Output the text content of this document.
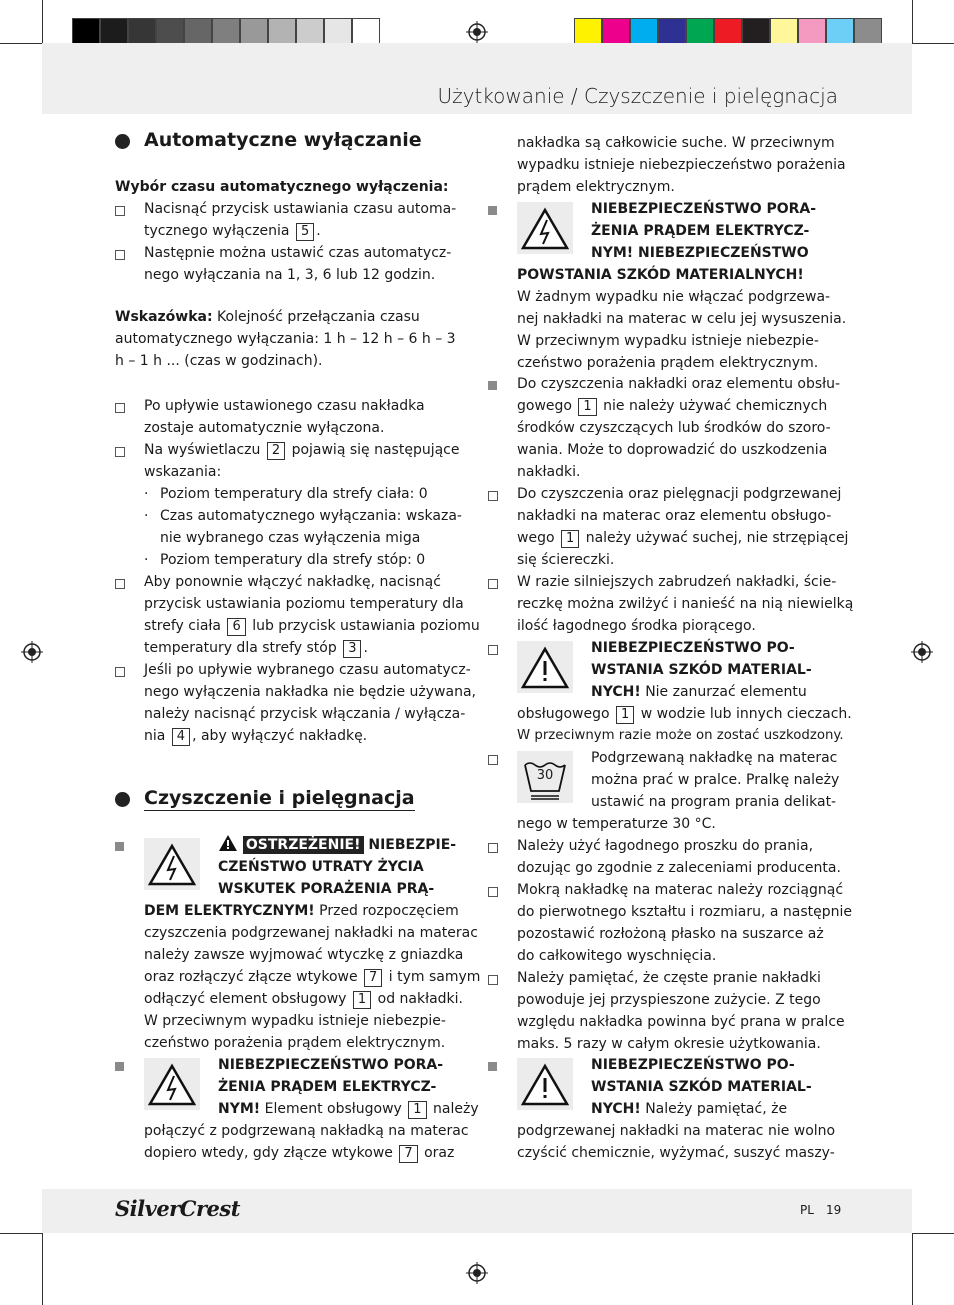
Użytkowanie / Czyszczenie i pielęgnacja
Automatyczne wyłączanie
Wybór czasu automatycznego wyłączenia:
Nacisnąć przycisk ustawiania czasu automa-
tycznego wyłączenia 5 .
Następnie można ustawić czas automatycz-
nego wyłączania na 1, 3, 6 lub 12 godzin.
Wskazówka: Kolejność przełączania czasu
automatycznego wyłączania: 1 h – 12 h – 6 h – 3
h – 1 h ... (czas w godzinach).
Po upływie ustawionego czasu nakładka
zostaje automatycznie wyłączona.
Na wyświetlaczu 2 pojawią się następujące
wskazania:
· Poziom temperatury dla strefy ciała: 0
· Czas automatycznego wyłączania: wskaza-
nie wybranego czas wyłączenia miga
· Poziom temperatury dla strefy stóp: 0
Aby ponownie włączyć nakładkę, nacisnąć
przycisk ustawiania poziomu temperatury dla
strefy ciała 6 lub przycisk ustawiania poziomu
temperatury dla strefy stóp 3 .
Jeśli po upływie wybranego czasu automatycz-
nego wyłączenia nakładka nie będzie używana,
należy nacisnąć przycisk włączania / wyłącza-
nia 4 , aby wyłączyć nakładkę.
Czyszczenie i pielęgnacja
OSTRZEŻENIE! NIEBEZPIE-
CZEŃSTWO UTRATY ŻYCIA
WSKUTEK PORAŻENIA PRĄ-
DEM ELEKTRYCZNYM! Przed rozpoczęciem
czyszczenia podgrzewanej nakładki na materac
należy zawsze wyjmować wtyczkę z gniazdka
oraz rozłączyć złącze wtykowe 7 i tym samym
odłączyć element obsługowy 1 od nakładki.
W przeciwnym wypadku istnieje niebezpie-
czeństwo porażenia prądem elektrycznym.
NIEBEZPIECZEŃSTWO PORA-
ŻENIA PRĄDEM ELEKTRYCZ-
NYM! Element obsługowy 1 należy
połączyć z podgrzewaną nakładką na materac
dopiero wtedy, gdy złącze wtykowe 7 oraz
nakładka są całkowicie suche. W przeciwnym
wypadku istnieje niebezpieczeństwo porażenia
prądem elektrycznym.
NIEBEZPIECZEŃSTWO PORA-
ŻENIA PRĄDEM ELEKTRYCZ-
NYM! NIEBEZPIECZEŃSTWO
POWSTANIA SZKÓD MATERIALNYCH!
W żadnym wypadku nie włączać podgrzewa-
nej nakładki na materac w celu jej wysuszenia.
W przeciwnym wypadku istnieje niebezpie-
czeństwo porażenia prądem elektrycznym.
Do czyszczenia nakładki oraz elementu obsłu-
gowego 1 nie należy używać chemicznych
środków czyszczących lub środków do szoro-
wania. Może to doprowadzić do uszkodzenia
nakładki.
Do czyszczenia oraz pielęgnacji podgrzewanej
nakładki na materac oraz elementu obsługo-
wego 1 należy używać suchej, nie strzępiącej
się ściereczki.
W razie silniejszych zabrudzeń nakładki, ście-
reczkę można zwilżyć i nanieść na nią niewielką
ilość łagodnego środka piorącego.
NIEBEZPIECZEŃSTWO PO-
WSTANIA SZKÓD MATERIAL-
NYCH! Nie zanurzać elementu
obsługowego 1 w wodzie lub innych cieczach.
W przeciwnym razie może on zostać uszkodzony.
30
Podgrzewaną nakładkę na materac
można prać w pralce. Pralkę należy
ustawić na program prania delikat-
nego w temperaturze 30 °C.
Należy użyć łagodnego proszku do prania,
dozując go zgodnie z zaleceniami producenta.
Mokrą nakładkę na materac należy rozciągnąć
do pierwotnego kształtu i rozmiaru, a następnie
pozostawić rozłożoną płasko na suszarce aż
do całkowitego wyschnięcia.
Należy pamiętać, że częste pranie nakładki
powoduje jej przyspieszone zużycie. Z tego
względu nakładka powinna być prana w pralce
maks. 5 razy w całym okresie użytkowania.
NIEBEZPIECZEŃSTWO PO-
WSTANIA SZKÓD MATERIAL-
NYCH! Należy pamiętać, że
podgrzewanej nakładki na materac nie wolno
czyścić chemicznie, wyżymać, suszyć maszy-
SilverCrest	PL 19
